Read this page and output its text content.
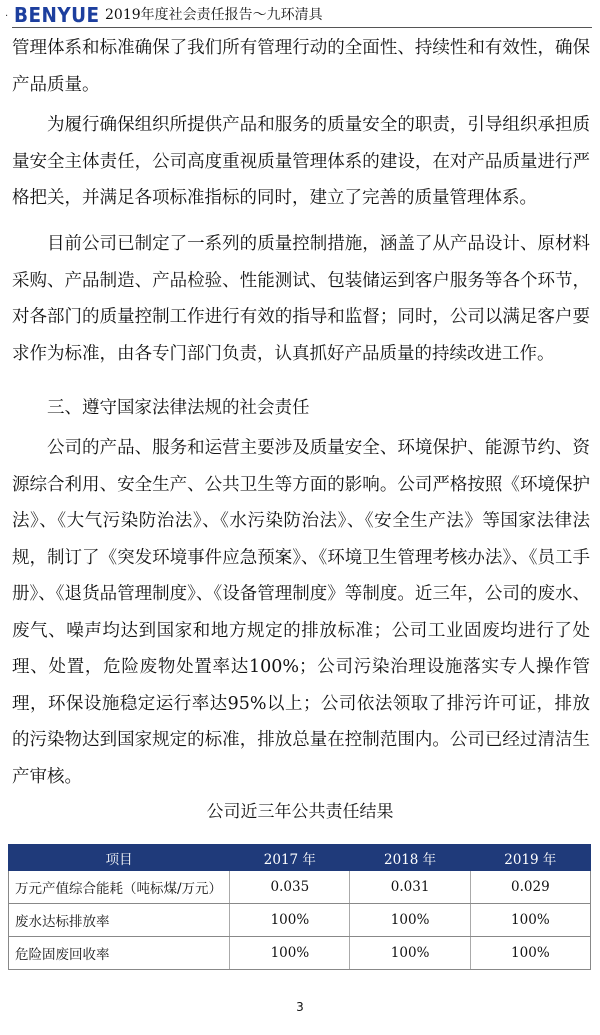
· BENYUE 2019年度社会责任报告～九环清具

管理体系和标准确保了我们所有管理行动的全面性、持续性和有效性，确保产品质量。

为履行确保组织所提供产品和服务的质量安全的职责，引导组织承担质量安全主体责任，公司高度重视质量管理体系的建设，在对产品质量进行严格把关，并满足各项标准指标的同时，建立了完善的质量管理体系。

目前公司已制定了一系列的质量控制措施，涵盖了从产品设计、原材料采购、产品制造、产品检验、性能测试、包装储运到客户服务等各个环节，对各部门的质量控制工作进行有效的指导和监督；同时，公司以满足客户要求作为标准，由各专门部门负责，认真抓好产品质量的持续改进工作。

三、遵守国家法律法规的社会责任

公司的产品、服务和运营主要涉及质量安全、环境保护、能源节约、资源综合利用、安全生产、公共卫生等方面的影响。公司严格按照《环境保护法》、《大气污染防治法》、《水污染防治法》、《安全生产法》等国家法律法规，制订了《突发环境事件应急预案》、《环境卫生管理考核办法》、《员工手册》、《退货品管理制度》、《设备管理制度》等制度。近三年，公司的废水、废气、噪声均达到国家和地方规定的排放标准；公司工业固废均进行了处理、处置，危险废物处置率达100%；公司污染治理设施落实专人操作管理，环保设施稳定运行率达95%以上；公司依法领取了排污许可证，排放的污染物达到国家规定的标准，排放总量在控制范围内。公司已经过清洁生产审核。

公司近三年公共责任结果
项目	2017 年	2018 年	2019 年
万元产值综合能耗（吨标煤/万元）	0.035	0.031	0.029
废水达标排放率	100%	100%	100%
危险固废回收率	100%	100%	100%
3
